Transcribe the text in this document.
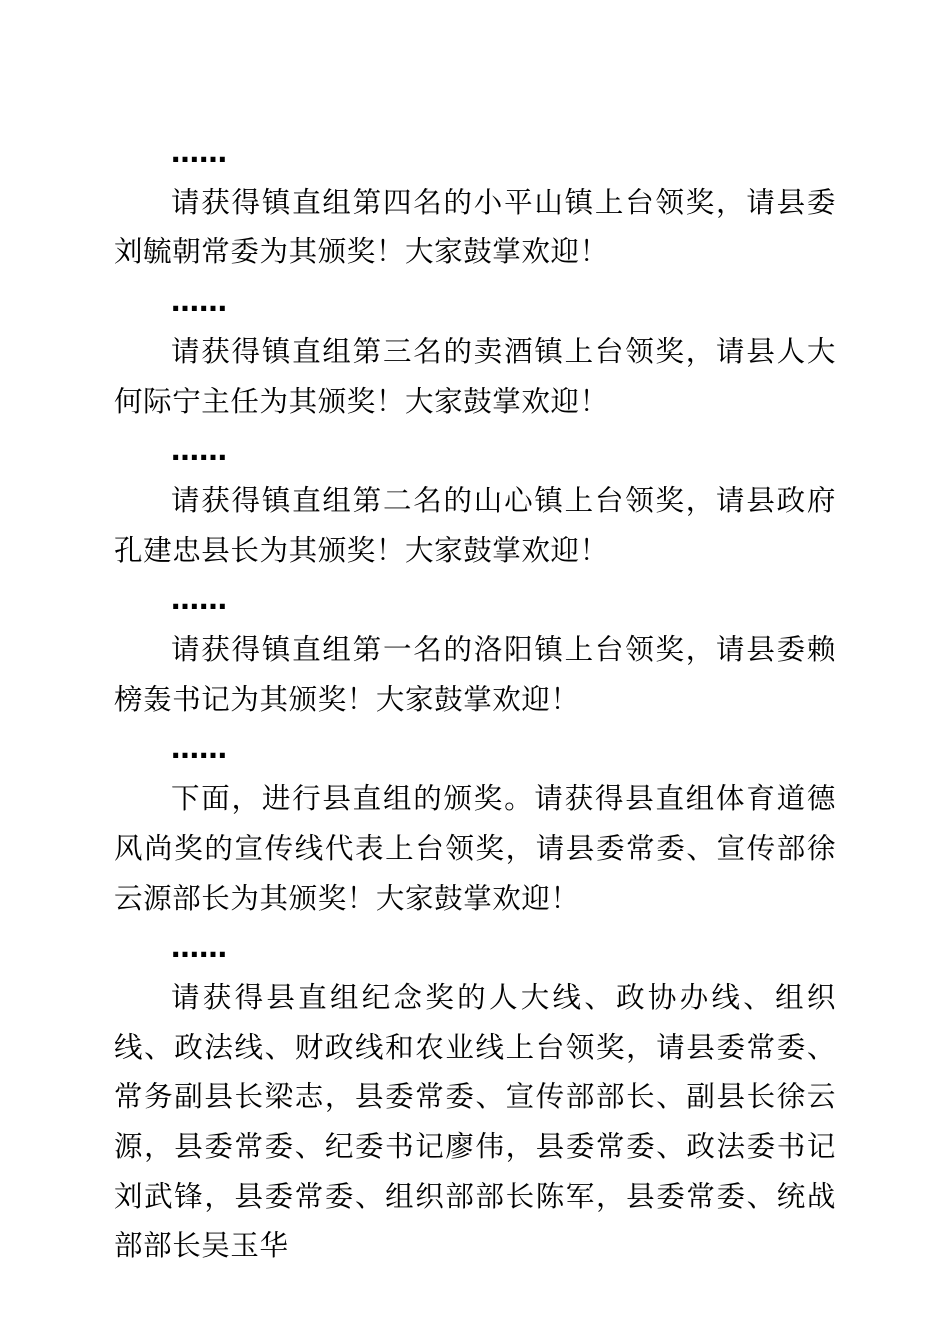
……

请获得镇直组第四名的小平山镇上台领奖，请县委刘毓朝常委为其颁奖！大家鼓掌欢迎！

……

请获得镇直组第三名的卖酒镇上台领奖，请县人大何际宁主任为其颁奖！大家鼓掌欢迎！

……

请获得镇直组第二名的山心镇上台领奖，请县政府孔建忠县长为其颁奖！大家鼓掌欢迎！

……

请获得镇直组第一名的洛阳镇上台领奖，请县委赖榜轰书记为其颁奖！大家鼓掌欢迎！

……

下面，进行县直组的颁奖。请获得县直组体育道德风尚奖的宣传线代表上台领奖，请县委常委、宣传部徐云源部长为其颁奖！大家鼓掌欢迎！

……

请获得县直组纪念奖的人大线、政协办线、组织线、政法线、财政线和农业线上台领奖，请县委常委、常务副县长梁志，县委常委、宣传部部长、副县长徐云源，县委常委、纪委书记廖伟，县委常委、政法委书记刘武锋，县委常委、组织部部长陈军，县委常委、统战部部长吴玉华
